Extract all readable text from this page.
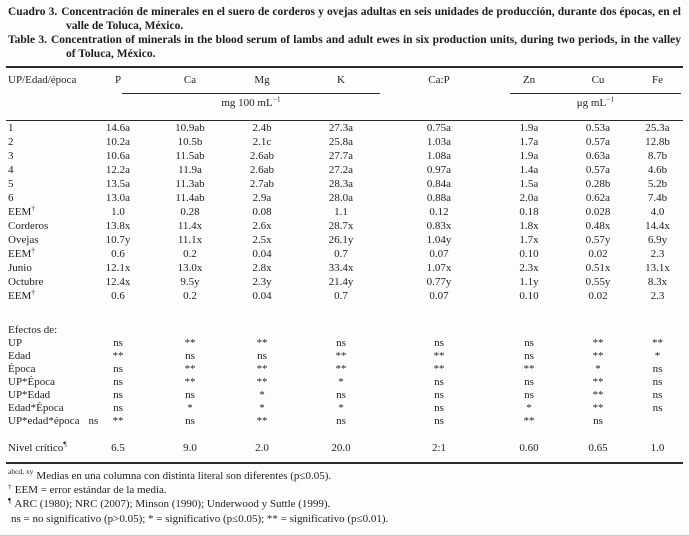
Cuadro 3. Concentración de minerales en el suero de corderos y ovejas adultas en seis unidades de producción, durante dos épocas, en el valle de Toluca, México.

Table 3. Concentration of minerals in the blood serum of lambs and adult ewes in six production units, during two periods, in the valley of Toluca, México.

UP/Edad/época	P	Ca	Mg	K	Ca:P	Zn	Cu	Fe

	mg 100 $mL^{-1}$					μg $mL^{-1}$

1	14.6a	10.9ab	2.4b	27.3a	0.75a	1.9a	0.53a	25.3a
2	10.2a	10.5b	2.1c	25.8a	1.03a	1.7a	0.57a	12.8b
3	10.6a	11.5ab	2.6ab	27.7a	1.08a	1.9a	0.63a	8.7b
4	12.2a	11.9a	2.6ab	27.2a	0.97a	1.4a	0.57a	4.6b
5	13.5a	11.3ab	2.7ab	28.3a	0.84a	1.5a	0.28b	5.2b
6	13.0a	11.4ab	2.9a	28.0a	0.88a	2.0a	0.62a	7.4b
EEM†	1.0	0.28	0.08	1.1	0.12	0.18	0.028	4.0
Corderos	13.8x	11.4x	2.6x	28.7x	0.83x	1.8x	0.48x	14.4x
Ovejas	10.7y	11.1x	2.5x	26.1y	1.04y	1.7x	0.57y	6.9y
EEM†	0.6	0.2	0.04	0.7	0.07	0.10	0.02	2.3
Junio	12.1x	13.0x	2.8x	33.4x	1.07x	2.3x	0.51x	13.1x
Octubre	12.4x	9.5y	2.3y	21.4y	0.77y	1.1y	0.55y	8.3x
EEM†	0.6	0.2	0.04	0.7	0.07	0.10	0.02	2.3

Efectos de:								
UP	ns	**	**	ns	ns	ns	**	**
Edad	**	ns	ns	**	**	ns	**	*
Época	ns	**	**	**	**	**	*	ns
UP*Época	ns	**	**	*	ns	ns	**	ns
UP*Edad	ns	ns	*	ns	ns	ns	**	ns
Edad*Época	ns	*	*	*	ns	*	**	ns
UP*edad*época ns	**	ns	**	ns	ns	**	ns	

Nivel crítico¶	6.5	9.0	2.0	20.0	2:1	0.60	0.65	1.0

$^{abcd, xy}$ Medias en una columna con distinta literal son diferentes (p≤0.05).

† EEM = error estándar de la media.

¶ ARC (1980); NRC (2007); Minson (1990); Underwood y Suttle (1999).

ns = no significativo (p>0.05); * = significativo (p≤0.05); ** = significativo (p≤0.01).
